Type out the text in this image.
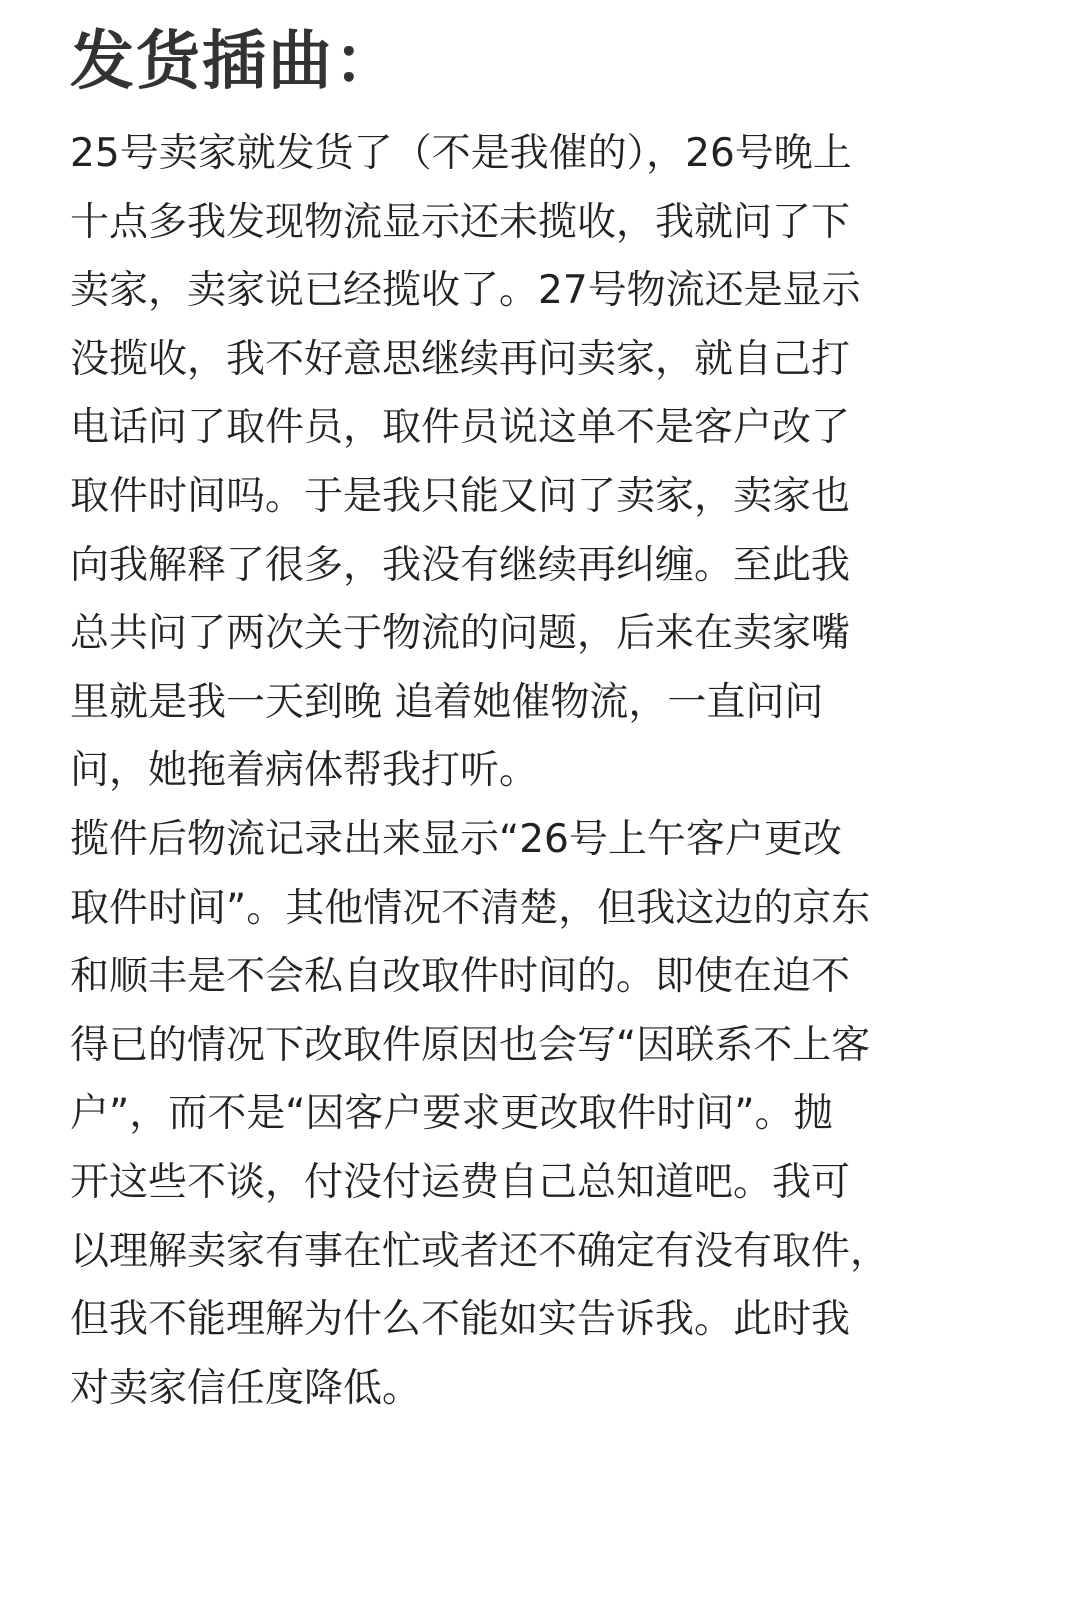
发货插曲：
25号卖家就发货了（不是我催的），26号晚上
十点多我发现物流显示还未揽收，我就问了下
卖家，卖家说已经揽收了。27号物流还是显示
没揽收，我不好意思继续再问卖家，就自己打
电话问了取件员，取件员说这单不是客户改了
取件时间吗。于是我只能又问了卖家，卖家也
向我解释了很多，我没有继续再纠缠。至此我
总共问了两次关于物流的问题，后来在卖家嘴
里就是我一天到晚 追着她催物流，一直问问
问，她拖着病体帮我打听。
揽件后物流记录出来显示“26号上午客户更改
取件时间”。其他情况不清楚，但我这边的京东
和顺丰是不会私自改取件时间的。即使在迫不
得已的情况下改取件原因也会写“因联系不上客
户”，而不是“因客户要求更改取件时间”。抛
开这些不谈，付没付运费自己总知道吧。我可
以理解卖家有事在忙或者还不确定有没有取件，
但我不能理解为什么不能如实告诉我。此时我
对卖家信任度降低。
